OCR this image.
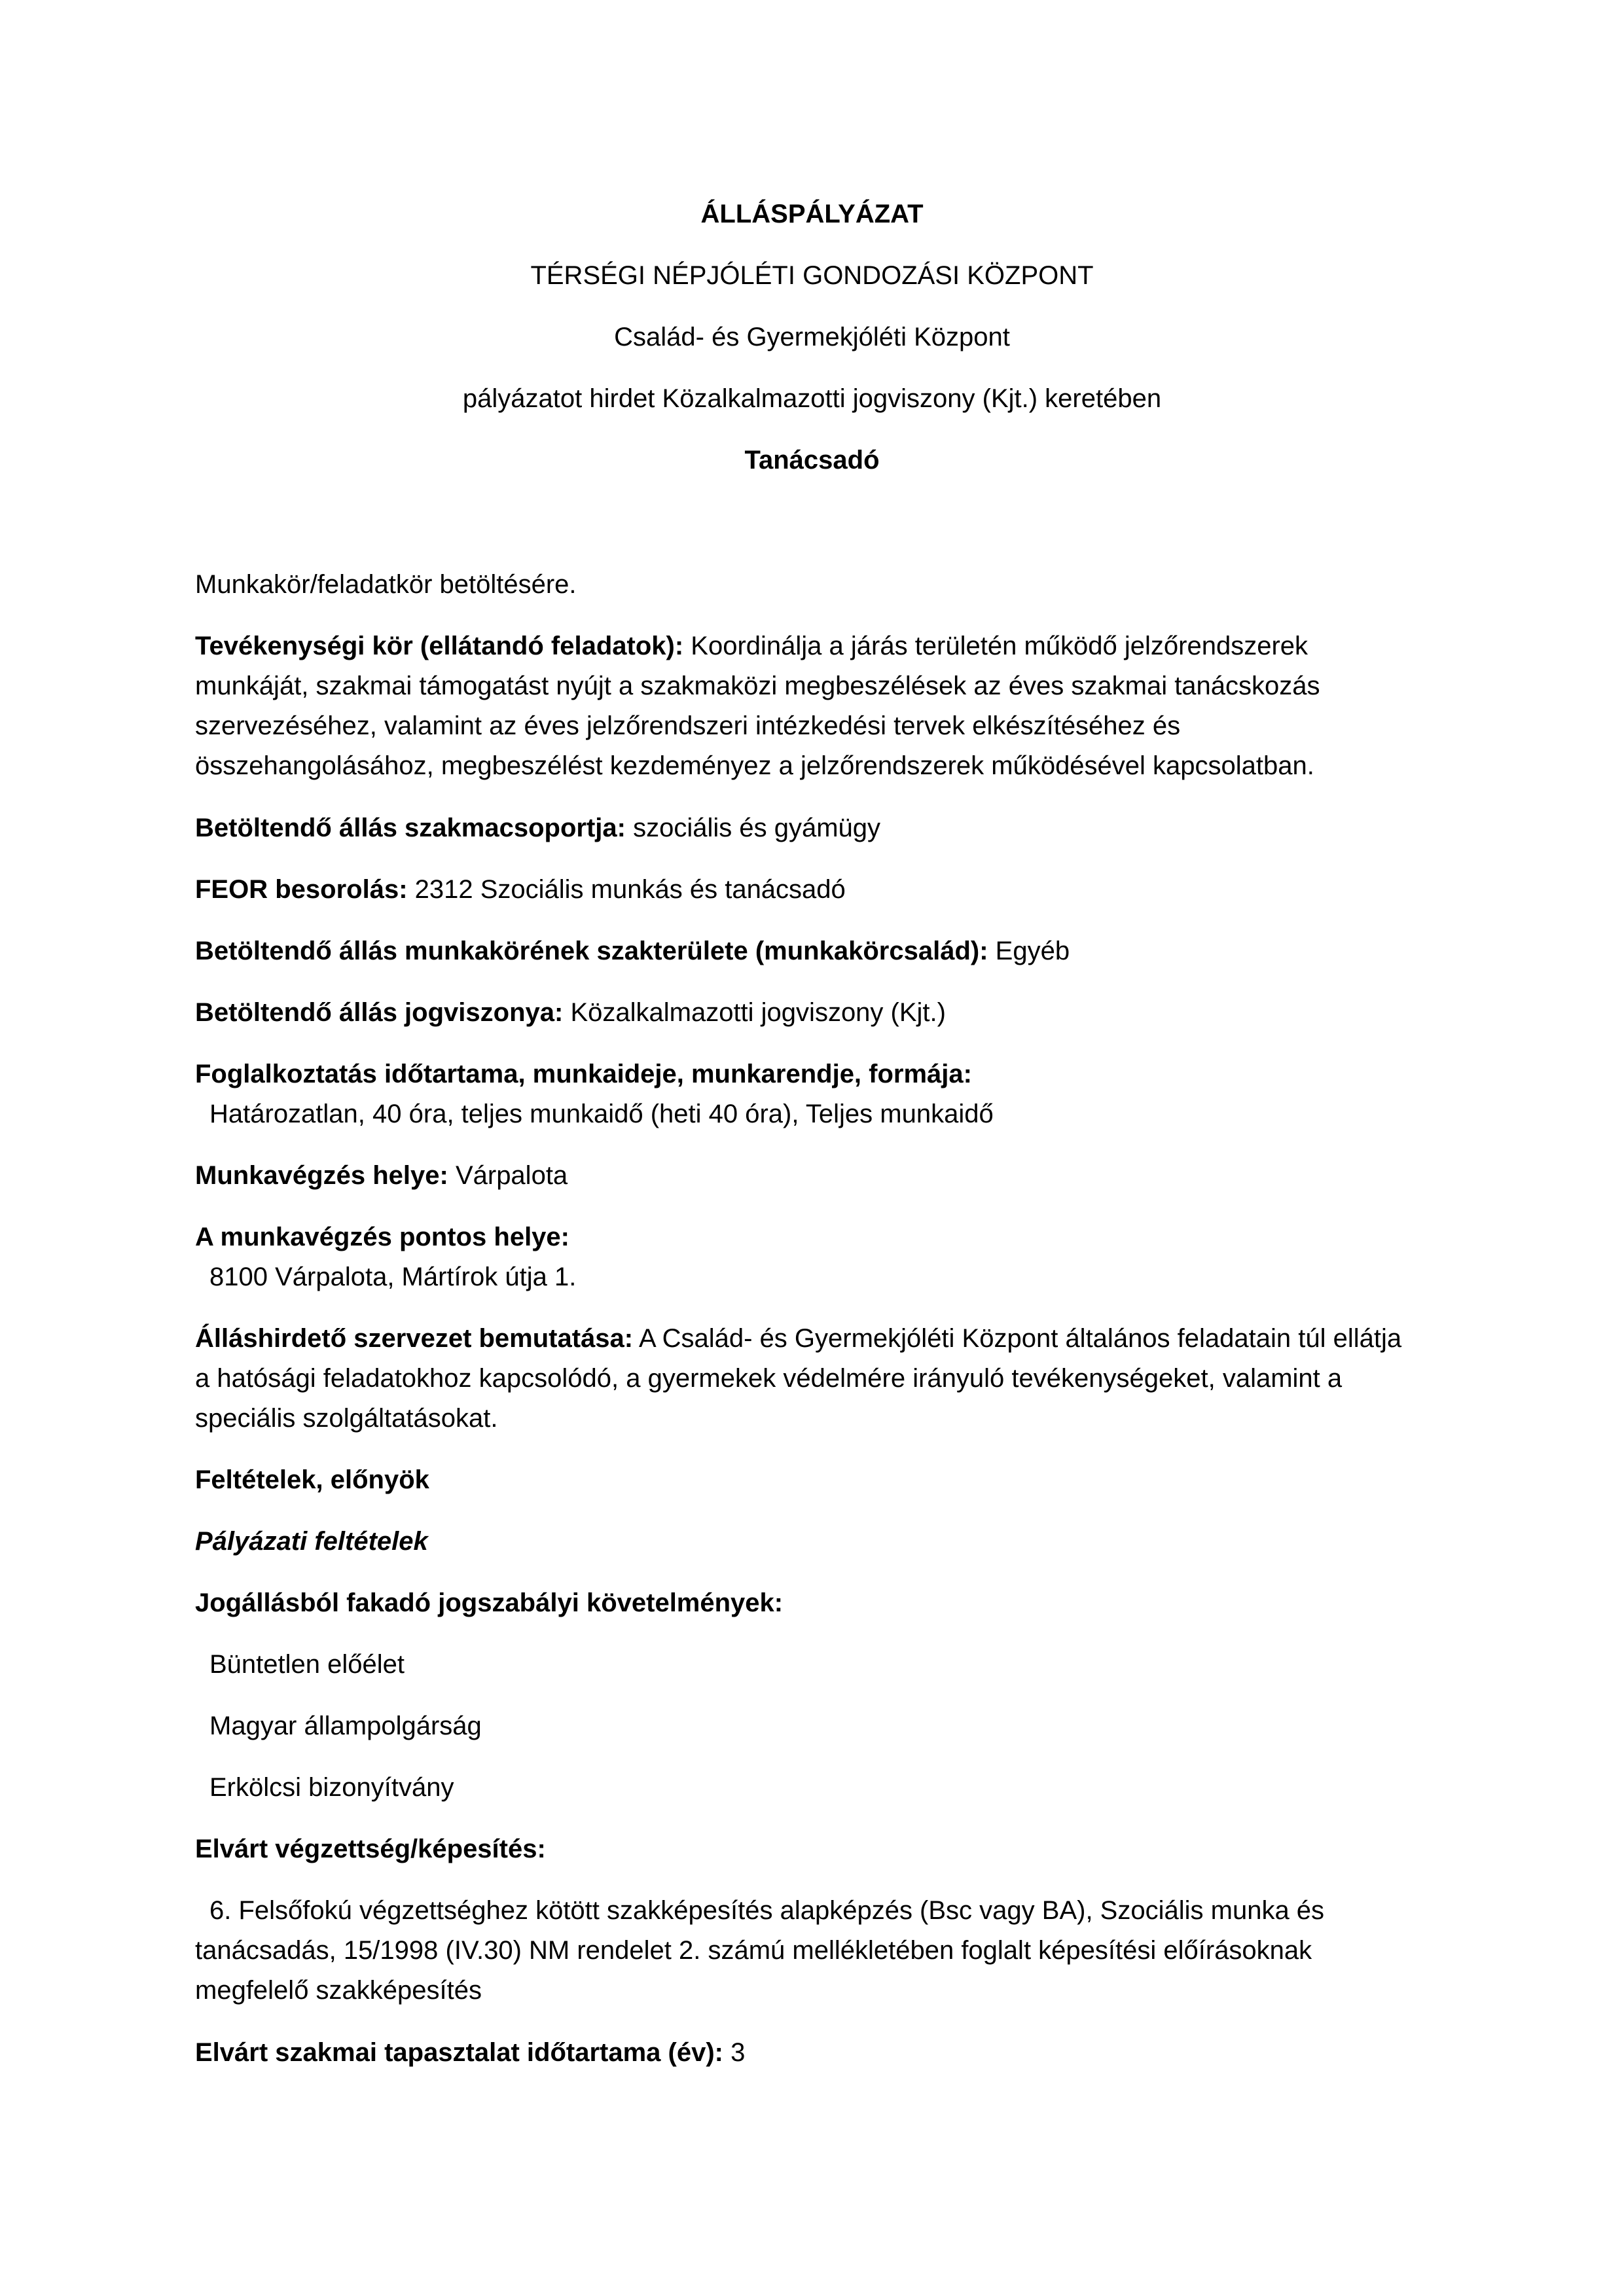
ÁLLÁSPÁLYÁZAT
TÉRSÉGI NÉPJÓLÉTI GONDOZÁSI KÖZPONT
Család- és Gyermekjóléti Központ
pályázatot hirdet Közalkalmazotti jogviszony (Kjt.) keretében
Tanácsadó
Munkakör/feladatkör betöltésére.
Tevékenységi kör (ellátandó feladatok): Koordinálja a járás területén működő jelzőrendszerek
munkáját, szakmai támogatást nyújt a szakmaközi megbeszélések az éves szakmai tanácskozás
szervezéséhez, valamint az éves jelzőrendszeri intézkedési tervek elkészítéséhez és
összehangolásához, megbeszélést kezdeményez a jelzőrendszerek működésével kapcsolatban.
Betöltendő állás szakmacsoportja: szociális és gyámügy
FEOR besorolás: 2312 Szociális munkás és tanácsadó
Betöltendő állás munkakörének szakterülete (munkakörcsalád): Egyéb
Betöltendő állás jogviszonya: Közalkalmazotti jogviszony (Kjt.)
Foglalkoztatás időtartama, munkaideje, munkarendje, formája:
Határozatlan, 40 óra, teljes munkaidő (heti 40 óra), Teljes munkaidő
Munkavégzés helye: Várpalota
A munkavégzés pontos helye:
8100 Várpalota, Mártírok útja 1.
Álláshirdető szervezet bemutatása: A Család- és Gyermekjóléti Központ általános feladatain túl ellátja
a hatósági feladatokhoz kapcsolódó, a gyermekek védelmére irányuló tevékenységeket, valamint a
speciális szolgáltatásokat.
Feltételek, előnyök
Pályázati feltételek
Jogállásból fakadó jogszabályi követelmények:
Büntetlen előélet
Magyar állampolgárság
Erkölcsi bizonyítvány
Elvárt végzettség/képesítés:
6. Felsőfokú végzettséghez kötött szakképesítés alapképzés (Bsc vagy BA), Szociális munka és
tanácsadás, 15/1998 (IV.30) NM rendelet 2. számú mellékletében foglalt képesítési előírásoknak
megfelelő szakképesítés
Elvárt szakmai tapasztalat időtartama (év): 3
